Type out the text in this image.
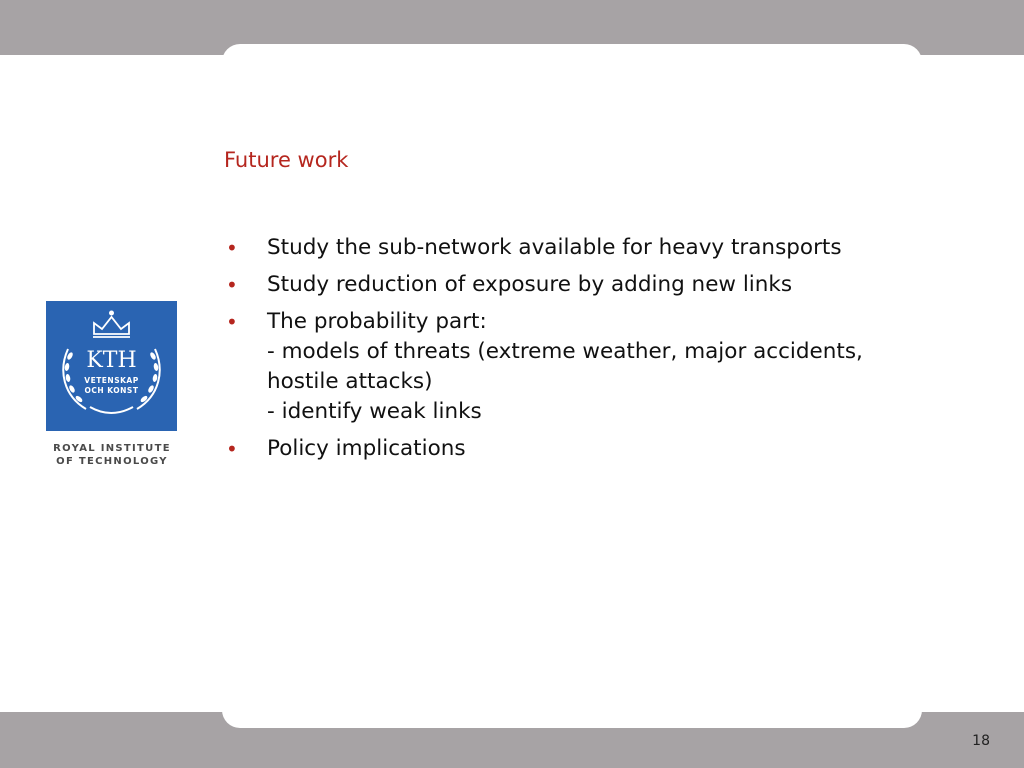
Future work
• Study the sub-network available for heavy transports
• Study reduction of exposure by adding new links
• The probability part:
- models of threats (extreme weather, major accidents, hostile attacks)
- identify weak links
• Policy implications
KTH
VETENSKAP
OCH KONST
ROYAL INSTITUTE
OF TECHNOLOGY
18
